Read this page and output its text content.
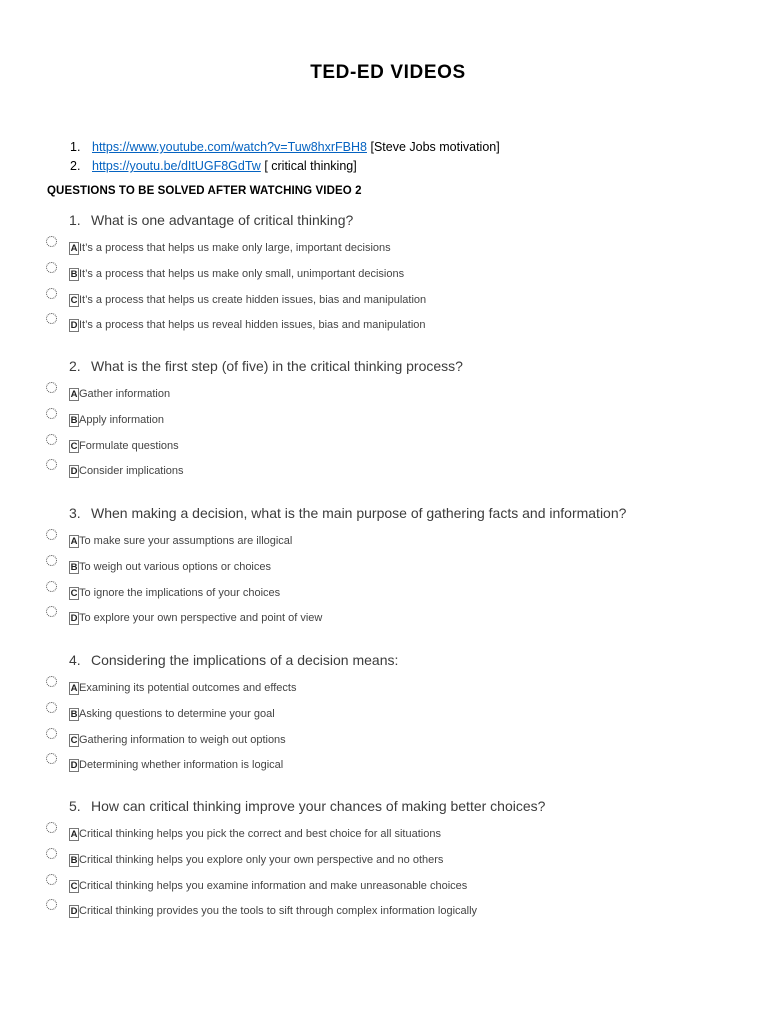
TED-ED VIDEOS
1. https://www.youtube.com/watch?v=Tuw8hxrFBH8 [Steve Jobs motivation]
2. https://youtu.be/dItUGF8GdTw [ critical thinking]
QUESTIONS TO BE SOLVED AFTER WATCHING VIDEO 2
1. What is one advantage of critical thinking?
A It’s a process that helps us make only large, important decisions
B It’s a process that helps us make only small, unimportant decisions
C It’s a process that helps us create hidden issues, bias and manipulation
D It’s a process that helps us reveal hidden issues, bias and manipulation
2. What is the first step (of five) in the critical thinking process?
A Gather information
B Apply information
C Formulate questions
D Consider implications
3. When making a decision, what is the main purpose of gathering facts and information?
A To make sure your assumptions are illogical
B To weigh out various options or choices
C To ignore the implications of your choices
D To explore your own perspective and point of view
4. Considering the implications of a decision means:
A Examining its potential outcomes and effects
B Asking questions to determine your goal
C Gathering information to weigh out options
D Determining whether information is logical
5. How can critical thinking improve your chances of making better choices?
A Critical thinking helps you pick the correct and best choice for all situations
B Critical thinking helps you explore only your own perspective and no others
C Critical thinking helps you examine information and make unreasonable choices
D Critical thinking provides you the tools to sift through complex information logically
